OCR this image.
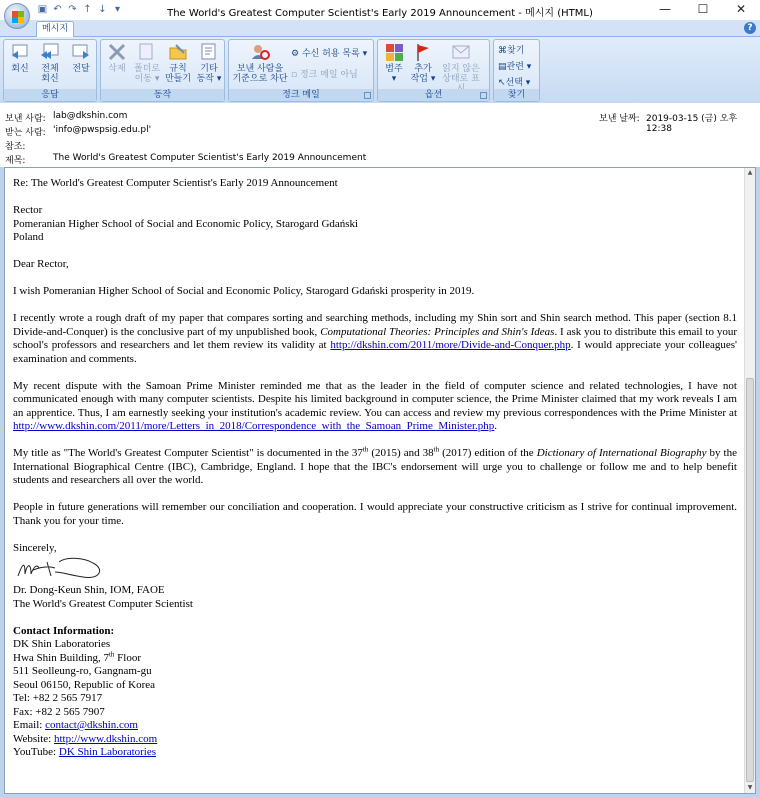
▣ ↶ ↷ ↑ ↓ ▾	The World's Greatest Computer Scientist's Early 2019 Announcement - 메시지 (HTML)	—	☐	✕
메시지	?
회신	전체
회신
전달
응답
삭제 폴더로
이동 ▾
규칙
만들기
기타
동작 ▾
동작
보낸 사람을
기준으로 차단
⚙ 수신 허용 목록 ▾
▫ 정크 메일 아님
정크 메일
범주
▾
추가
작업 ▾
읽지 않은
상태로 표
옵션
⌘찾기
▤관련 ▾
↖선택 ▾
찾기
보낸 사람: lab@dkshin.com
받는 사람: 'info@pwspsig.edu.pl'
참조:
제목:	The World's Greatest Computer Scientist's Early 2019 Announcement
보낸 날짜: 2019-03-15 (금) 오후 12:38

Re: The World's Greatest Computer Scientist's Early 2019 Announcement

Rector
Pomeranian Higher School of Social and Economic Policy, Starogard Gdański
Poland

Dear Rector,

I wish Pomeranian Higher School of Social and Economic Policy, Starogard Gdański prosperity in 2019.

I recently wrote a rough draft of my paper that compares sorting and searching methods, including my Shin sort and Shin search method. This paper (section 8.1 Divide-and-Conquer) is the conclusive part of my unpublished book, Computational Theories: Principles and Shin's Ideas. I ask you to distribute this email to your school's professors and researchers and let them review its validity at http://dkshin.com/2011/more/Divide-and-Conquer.php. I would appreciate your colleagues' examination and comments.

My recent dispute with the Samoan Prime Minister reminded me that as the leader in the field of computer science and related technologies, I have not communicated enough with many computer scientists. Despite his limited background in computer science, the Prime Minister claimed that my work reveals I am an apprentice. Thus, I am earnestly seeking your institution's academic review. You can access and review my previous correspondences with the Prime Minister at http://www.dkshin.com/2011/more/Letters_in_2018/Correspondence_with_the_Samoan_Prime_Minister.php.

My title as "The World's Greatest Computer Scientist" is documented in the 37th (2015) and 38th (2017) edition of the Dictionary of International Biography by the International Biographical Centre (IBC), Cambridge, England. I hope that the IBC's endorsement will urge you to challenge or follow me and to help benefit students and researchers all over the world.

People in future generations will remember our conciliation and cooperation. I would appreciate your constructive criticism as I strive for continual improvement. Thank you for your time.

Sincerely,
Dr. Dong-Keun Shin, IOM, FAOE
The World's Greatest Computer Scientist
Contact Information:
DK Shin Laboratories
Hwa Shin Building, 7th Floor
511 Seolleung-ro, Gangnam-gu
Seoul 06150, Republic of Korea
Tel: +82 2 565 7917
Fax: +82 2 565 7907
Email: contact@dkshin.com
Website: http://www.dkshin.com
YouTube: DK Shin Laboratories
▲
▼
